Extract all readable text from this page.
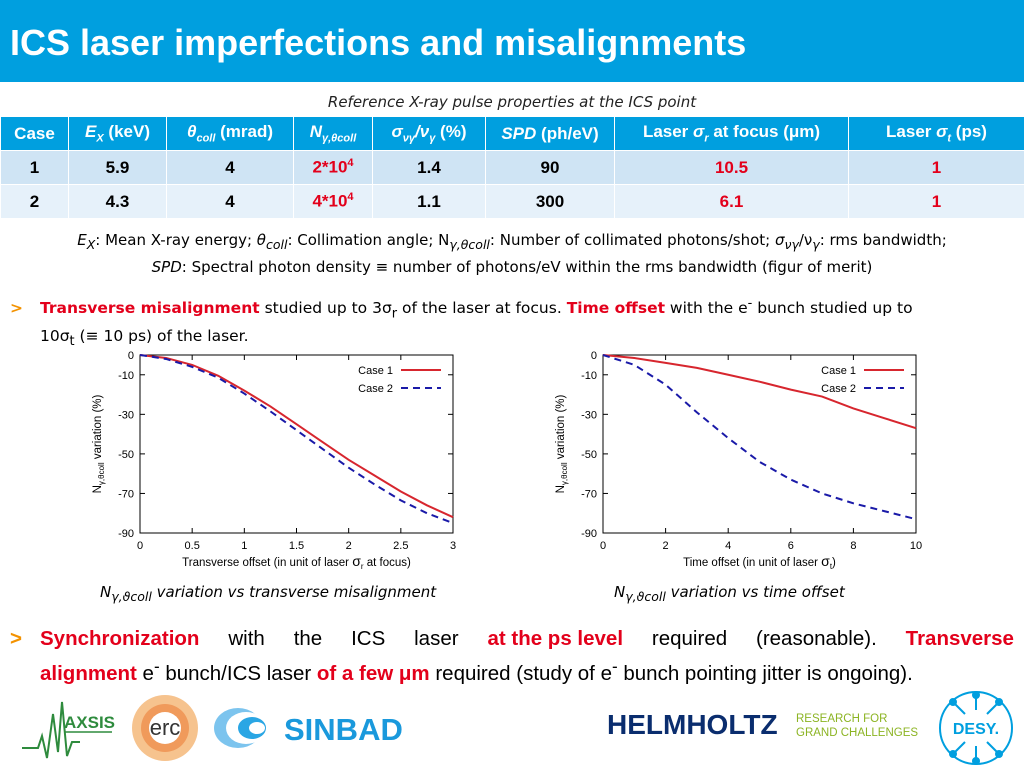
ICS laser imperfections and misalignments
Reference X-ray pulse properties at the ICS point
Case	$E_X$ (keV)	$\theta_{coll}$ (mrad)	$N_{\gamma,\theta coll}$	$\sigma_{\nu\gamma}/\nu_\gamma$ (%)	SPD (ph/eV)	Laser $\sigma_r$ at focus (μm)	Laser $\sigma_t$ (ps)
1	5.9	4	$2*10^4$	1.4	90	10.5	1
2	4.3	4	$4*10^4$	1.1	300	6.1	1
$E_X$: Mean X-ray energy; $\theta_{coll}$: Collimation angle; $N_{\gamma,\theta coll}$: Number of collimated photons/shot; $\sigma_{\nu\gamma}/\nu_\gamma$: rms bandwidth;
SPD: Spectral photon density ≡ number of photons/eV within the rms bandwidth (figur of merit)
> Transverse misalignment studied up to $3\sigma_r$ of the laser at focus. Time offset with the e- bunch studied up to
$10\sigma_t$ (≡ 10 ps) of the laser.
0
-10
-30
-50
-70
-90
0	0.5	1	1.5	2	2.5	3
Case 1
Case 2
Transverse offset (in unit of laser $\sigma_r$ at focus)
$N_{\gamma,\theta coll}$ variation (%)
0
-10
-30
-50
-70
-90
0	2	4	6	8	10
Case 1
Case 2
Time offset (in unit of laser $\sigma_t$)
$N_{\gamma,\theta coll}$ variation (%)
$N_{\gamma,ϑcoll}$ variation vs transverse misalignment	$N_{\gamma,ϑcoll}$ variation vs time offset
> Synchronization with the ICS laser at the ps level required (reasonable). Transverse
alignment e- bunch/ICS laser of a few μm required (study of e- bunch pointing jitter is ongoing).
AXSIS erc	SINBAD	HELMHOLTZ RESEARCH FOR
GRAND CHALLENGES DESY.
